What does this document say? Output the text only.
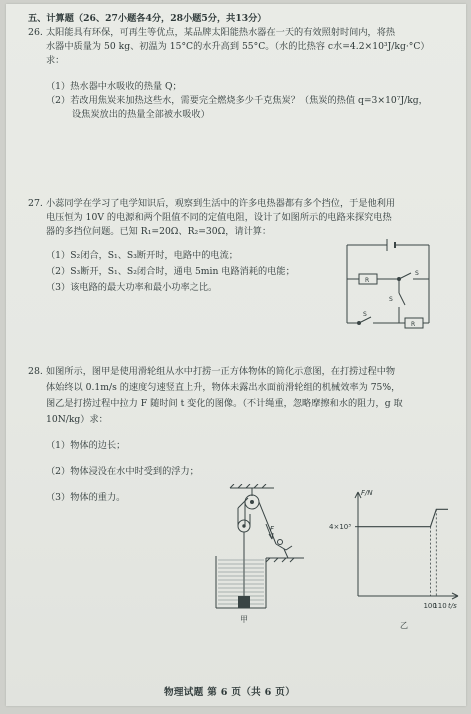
五、计算题（26、27小题各4分，28小题5分，共13分）
26. 太阳能具有环保，可再生等优点，某品牌太阳能热水器在一天的有效照射时间内，将热
水器中质量为 50 kg、初温为 15°C的水升高到 55°C。（水的比热容 c水=4.2×10³J/kg·°C）
求：
（1）热水器中水吸收的热量 Q；
（2）若改用焦炭来加热这些水，需要完全燃烧多少千克焦炭？（焦炭的热值 q=3×10⁷J/kg，
设焦炭放出的热量全部被水吸收）
27. 小蕊同学在学习了电学知识后，观察到生活中的许多电热器都有多个挡位，于是他利用
电压恒为 10V 的电源和两个阻值不同的定值电阻，设计了如图所示的电路来探究电热
器的多挡位问题。已知 R₁=20Ω、R₂=30Ω，请计算：
（1）S₂闭合，S₁、S₃断开时，电路中的电流；
（2）S₃断开，S₁、S₂闭合时，通电 5min 电路消耗的电能；
（3）该电路的最大功率和最小功率之比。
R
R
S
S
S
28. 如图所示，图甲是使用滑轮组从水中打捞一正方体物体的简化示意图，在打捞过程中物
体始终以 0.1m/s 的速度匀速竖直上升，物体未露出水面前滑轮组的机械效率为 75%，
图乙是打捞过程中拉力 F 随时间 t 变化的图像。（不计绳重，忽略摩擦和水的阻力，g 取
10N/kg）求：
（1）物体的边长；
（2）物体浸没在水中时受到的浮力；
（3）物体的重力。
F
甲
F/N
t/s
4×10³
100
110
乙
物理试题 第 6 页（共 6 页）
